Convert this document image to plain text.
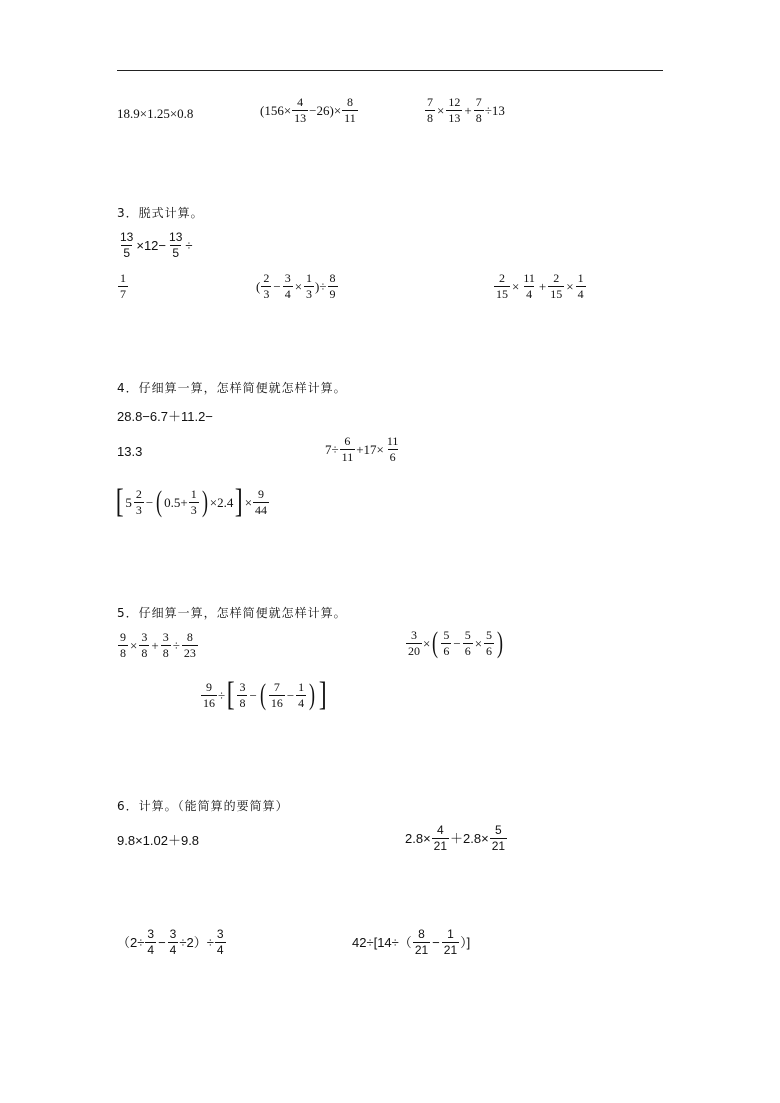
18.9×1.25×0.8	$(156\times \frac{4}{13} -26)\times \frac{8}{11}$	$\frac{7}{8} \times \frac{12}{13} + \frac{7}{8} \div 13$
3．脱式计算。
$\frac{13}{5} \times 12- \frac{13}{5}$ ÷
$\frac{1}{7}$	( $\frac{2}{3} - \frac{3}{4} \times \frac{1}{3}$ )÷ $\frac{8}{9}$	$\frac{2}{15} \times \frac{11}{4} + \frac{2}{15} \times \frac{1}{4}$
4．仔细算一算，怎样简便就怎样计算。
28.8−6.7＋11.2−
13.3	$7\div \frac{6}{11} +17\times \frac{11}{6}$
[ $5 \frac{2}{3}$ − ( $0.5+ \frac{1}{3}$ ) ×2.4 ] × $\frac{9}{44}$
5．仔细算一算，怎样简便就怎样计算。
$\frac{9}{8} \times \frac{3}{8} + \frac{3}{8} \div \frac{8}{23}$	$\frac{3}{20}$ × ( $\frac{5}{6} - \frac{5}{6} \times \frac{5}{6}$ )
$\frac{9}{16}$ ÷ [ $\frac{3}{8}$ − ( $\frac{7}{16} - \frac{1}{4}$ ) ]
6．计算。（能简算的要简算）
9.8×1.02＋9.8	$2.8\times \frac{4}{21} +2.8\times \frac{5}{21}$
$(2\div \frac{3}{4} - \frac{3}{4} \div 2)\div \frac{3}{4}$	$42\div[14\div( \frac{8}{21} - \frac{1}{21}$ ）]
